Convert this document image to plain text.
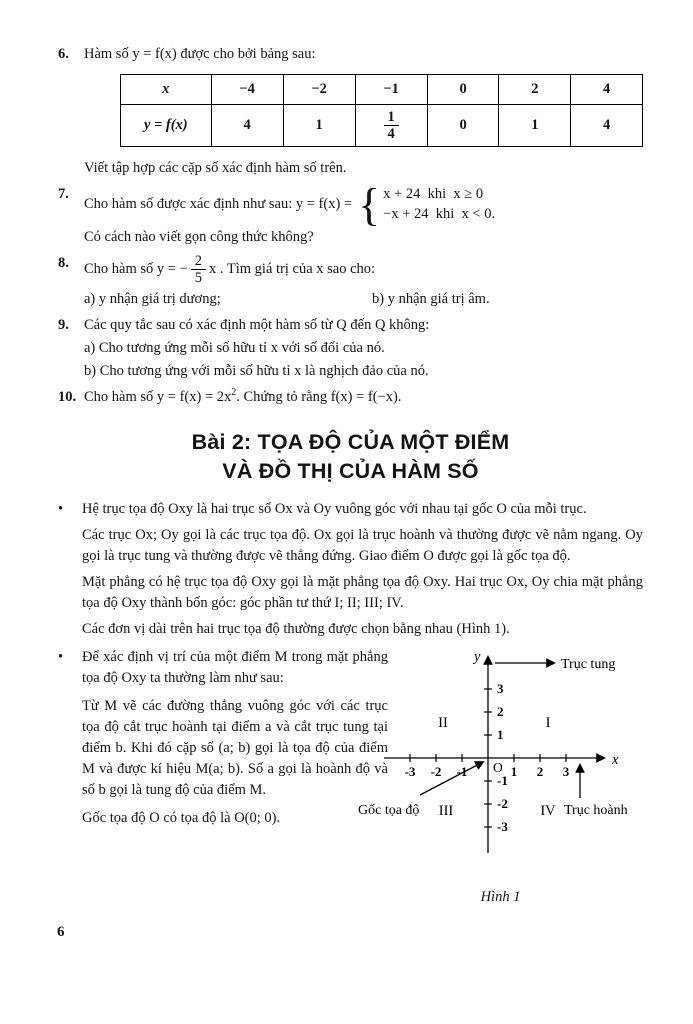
6.	Hàm số y = f(x) được cho bởi bảng sau:
x	−4	−2	−1	0	2	4
y = f(x)	4	1	$\frac{1}{4}$	0	1	4
Viết tập hợp các cặp số xác định hàm số trên.
7.
Cho hàm số được xác định như sau: y = f(x) = { x + 24  khi  x ≥ 0
−x + 24  khi  x < 0 .
Có cách nào viết gọn công thức không?
8.	Cho hàm số y = − $\frac{2}{5}$ x . Tìm giá trị của x sao cho:
a) y nhận giá trị dương;	b) y nhận giá trị âm.
9.	Các quy tắc sau có xác định một hàm số từ Q đến Q không:
a) Cho tương ứng mỗi số hữu tỉ x với số đối của nó.
b) Cho tương ứng với mỗi số hữu tỉ x là nghịch đảo của nó.
10. Cho hàm số $y = f(x) = 2x^2$. Chứng tỏ rằng f(x) = f(−x).
Bài 2: TỌA ĐỘ CỦA MỘT ĐIỂM
VÀ ĐỒ THỊ CỦA HÀM SỐ
•	Hệ trục tọa độ Oxy là hai trục số Ox và Oy vuông góc với nhau tại gốc O của mỗi trục.

Các trục Ox; Oy gọi là các trục tọa độ. Ox gọi là trục hoành và thường được vẽ nằm ngang. Oy gọi là trục tung và thường được vẽ thẳng đứng. Giao điểm O được gọi là gốc tọa độ.

Mặt phẳng có hệ trục tọa độ Oxy gọi là mặt phẳng tọa độ Oxy. Hai trục Ox, Oy chia mặt phẳng tọa độ Oxy thành bốn góc: góc phần tư thứ I; II; III; IV.

Các đơn vị dài trên hai trục tọa độ thường được chọn bằng nhau (Hình 1).

•	Để xác định vị trí của một điểm M trong mặt phẳng tọa độ Oxy ta thường làm như sau:

Từ M vẽ các đường thẳng vuông góc với các trục tọa độ cắt trục hoành tại điểm a và cắt trục tung tại điểm b. Khi đó cặp số (a; b) gọi là tọa độ của điểm M và được kí hiệu M(a; b). Số a gọi là hoành độ và số b gọi là tung độ của điểm M.

Gốc tọa độ O có tọa độ là O(0; 0).

x
y
-3 -2 -1	1 2 3
3
2
1
-1
-2
-3
O
I
II
III	IV
Trục tung
Trục hoành
Gốc tọa độ
Hình 1
6
